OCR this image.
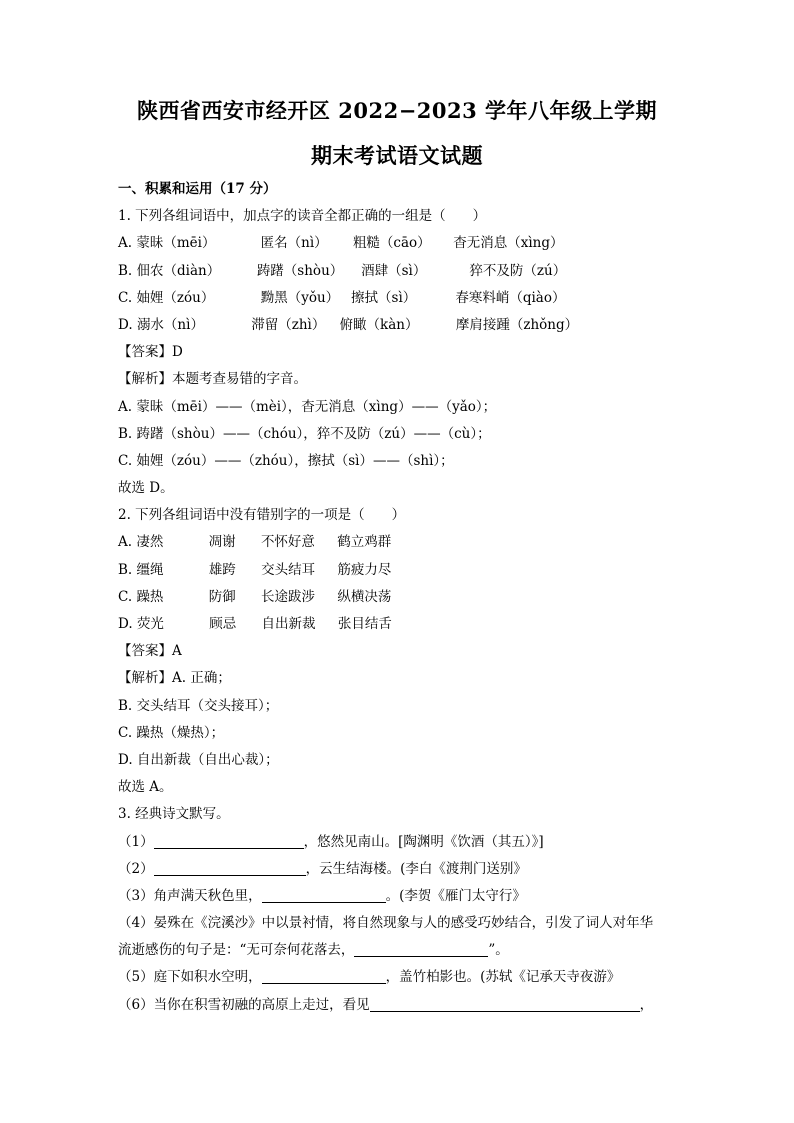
陕西省西安市经开区 2022−2023 学年八年级上学期
期末考试语文试题
一、积累和运用（17 分）
1. 下列各组词语中，加点字的读音全都正确的一组是（　　）
A. 蒙昧（mēi）	匿名（nì） 粗糙（cāo） 杳无消息（xìng）
B. 佃农（diàn）	踌躇（shòu） 酒肆（sì）	猝不及防（zú）
C. 妯娌（zóu）	黝黑（yǒu） 擦拭（sì）	春寒料峭（qiào）
D. 溺水（nì）	滞留（zhì） 俯瞰（kàn）	摩肩接踵（zhǒng）
【答案】D
【解析】本题考查易错的字音。
A. 蒙昧（mēi）——（mèi），杳无消息（xìng）——（yǎo）；
B. 踌躇（shòu）——（chóu），猝不及防（zú）——（cù）；
C. 妯娌（zóu）——（zhóu），擦拭（sì）——（shì）；
故选 D。
2. 下列各组词语中没有错别字的一项是（　　）
A. 凄然	凋谢 不怀好意 鹤立鸡群
B. 缰绳	雄跨 交头结耳 筋疲力尽
C. 躁热	防御 长途跋涉 纵横决荡
D. 荧光	顾忌 自出新裁 张目结舌
【答案】A
【解析】A. 正确；
B. 交头结耳（交头接耳）；
C. 躁热（燥热）；
D. 自出新裁（自出心裁）；
故选 A。
3. 经典诗文默写。
（1）	，悠然见南山。[陶渊明《饮酒（其五）》]
（2）	，云生结海楼。(李白《渡荆门送别》
（3）角声满天秋色里，	。(李贺《雁门太守行》
（4）晏殊在《浣溪沙》中以景衬情，将自然现象与人的感受巧妙结合，引发了词人对年华
流逝感伤的句子是：“无可奈何花落去，	”。
（5）庭下如积水空明，	，盖竹柏影也。(苏轼《记承天寺夜游》
（6）当你在积雪初融的高原上走过，看见	，
